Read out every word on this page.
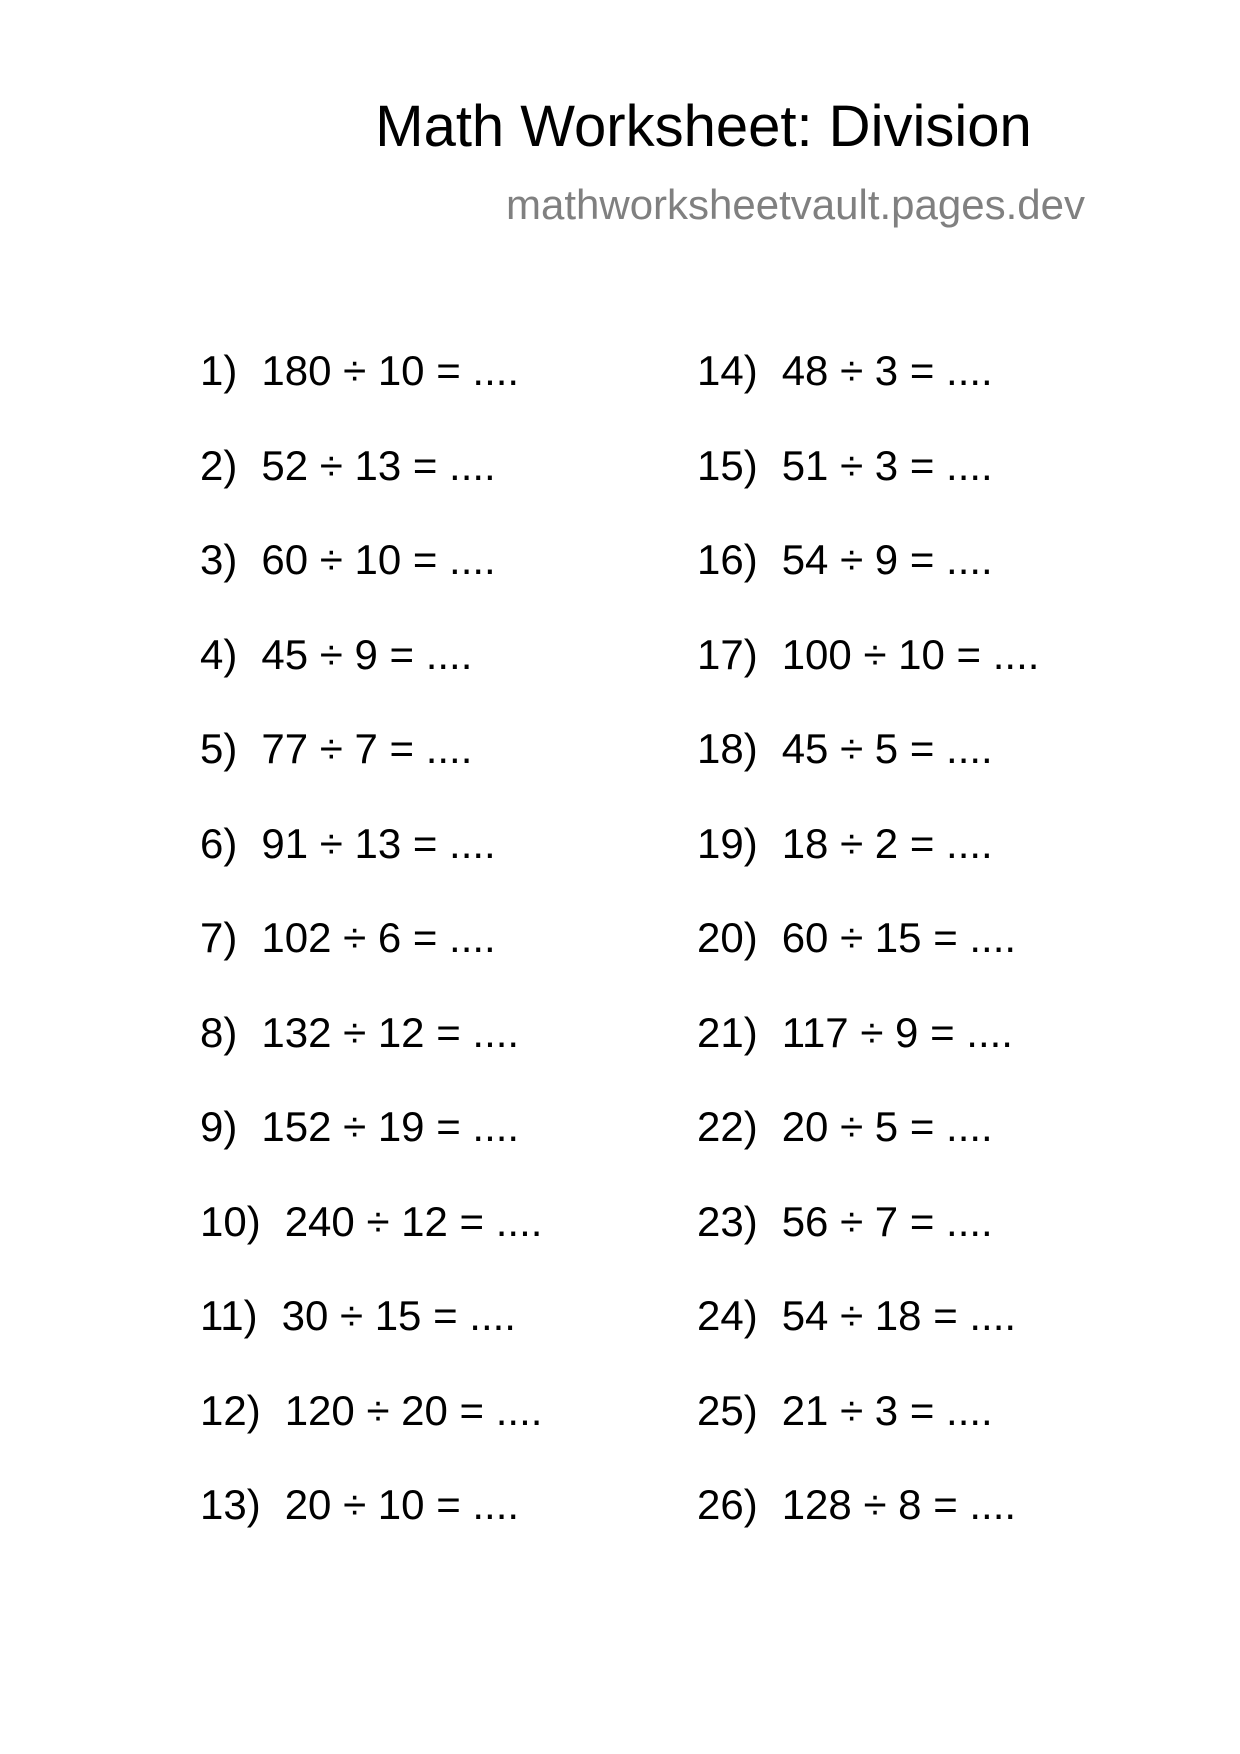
Math Worksheet: Division
mathworksheetvault.pages.dev
1) 180 ÷ 10 = ....
2) 52 ÷ 13 = ....
3) 60 ÷ 10 = ....
4) 45 ÷ 9 = ....
5) 77 ÷ 7 = ....
6) 91 ÷ 13 = ....
7) 102 ÷ 6 = ....
8) 132 ÷ 12 = ....
9) 152 ÷ 19 = ....
10) 240 ÷ 12 = ....
11) 30 ÷ 15 = ....
12) 120 ÷ 20 = ....
13) 20 ÷ 10 = ....
14) 48 ÷ 3 = ....
15) 51 ÷ 3 = ....
16) 54 ÷ 9 = ....
17) 100 ÷ 10 = ....
18) 45 ÷ 5 = ....
19) 18 ÷ 2 = ....
20) 60 ÷ 15 = ....
21) 117 ÷ 9 = ....
22) 20 ÷ 5 = ....
23) 56 ÷ 7 = ....
24) 54 ÷ 18 = ....
25) 21 ÷ 3 = ....
26) 128 ÷ 8 = ....
